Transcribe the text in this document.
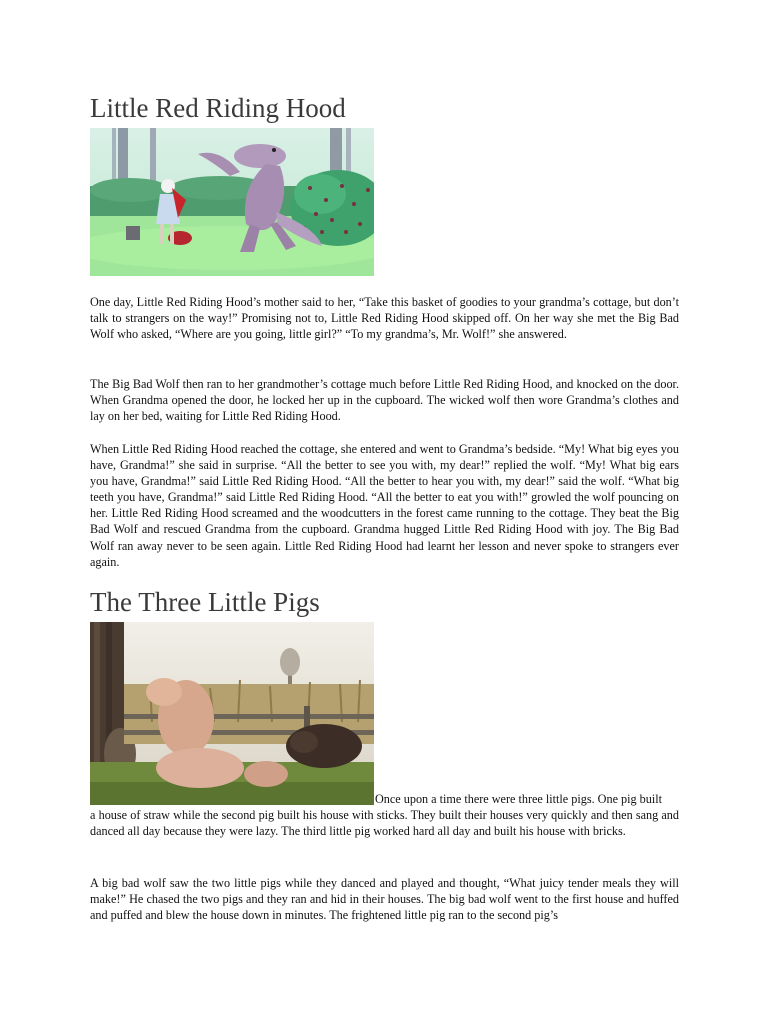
Little Red Riding Hood

One day, Little Red Riding Hood’s mother said to her, “Take this basket of goodies to your grandma’s cottage, but don’t talk to strangers on the way!” Promising not to, Little Red Riding Hood skipped off. On her way she met the Big Bad Wolf who asked, “Where are you going, little girl?” “To my grandma’s, Mr. Wolf!” she answered.

The Big Bad Wolf then ran to her grandmother’s cottage much before Little Red Riding Hood, and knocked on the door. When Grandma opened the door, he locked her up in the cupboard. The wicked wolf then wore Grandma’s clothes and lay on her bed, waiting for Little Red Riding Hood.

When Little Red Riding Hood reached the cottage, she entered and went to Grandma’s bedside. “My! What big eyes you have, Grandma!” she said in surprise. “All the better to see you with, my dear!” replied the wolf. “My! What big ears you have, Grandma!” said Little Red Riding Hood. “All the better to hear you with, my dear!” said the wolf. “What big teeth you have, Grandma!” said Little Red Riding Hood. “All the better to eat you with!” growled the wolf pouncing on her. Little Red Riding Hood screamed and the woodcutters in the forest came running to the cottage. They beat the Big Bad Wolf and rescued Grandma from the cupboard. Grandma hugged Little Red Riding Hood with joy. The Big Bad Wolf ran away never to be seen again. Little Red Riding Hood had learnt her lesson and never spoke to strangers ever again.

The Three Little Pigs
Once upon a time there were three little pigs. One pig built

a house of straw while the second pig built his house with sticks. They built their houses very quickly and then sang and danced all day because they were lazy. The third little pig worked hard all day and built his house with bricks.

A big bad wolf saw the two little pigs while they danced and played and thought, “What juicy tender meals they will make!” He chased the two pigs and they ran and hid in their houses. The big bad wolf went to the first house and huffed and puffed and blew the house down in minutes. The frightened little pig ran to the second pig’s
